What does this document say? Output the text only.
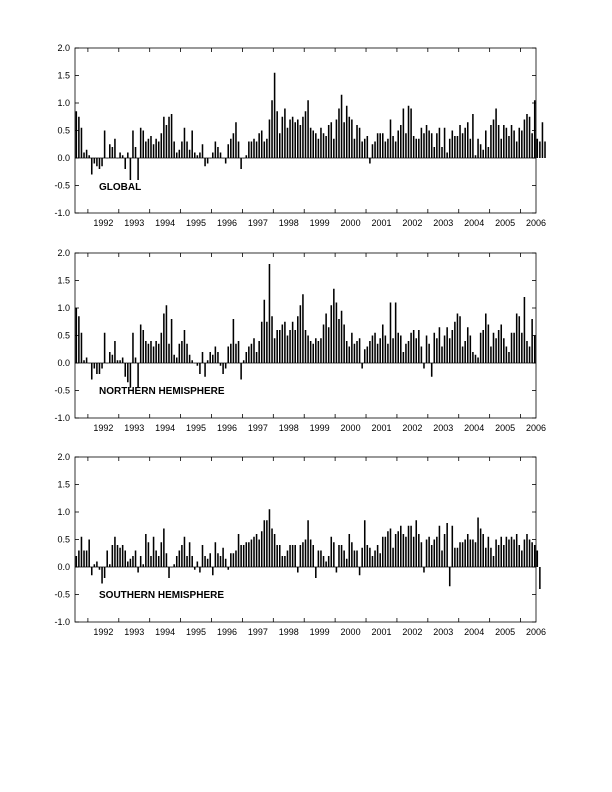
-1.0
-0.5
0.0
0.5
1.0
1.5
2.0
1992 1993 1994 1995 1996 1997 1998 1999 2000 2001 2002 2003 2004 2005 2006
GLOBAL
-1.0
-0.5
0.0
0.5
1.0
1.5
2.0
1992 1993 1994 1995 1996 1997 1998 1999 2000 2001 2002 2003 2004 2005 2006
NORTHERN HEMISPHERE
-1.0
-0.5
0.0
0.5
1.0
1.5
2.0
1992 1993 1994 1995 1996 1997 1998 1999 2000 2001 2002 2003 2004 2005 2006
SOUTHERN HEMISPHERE
